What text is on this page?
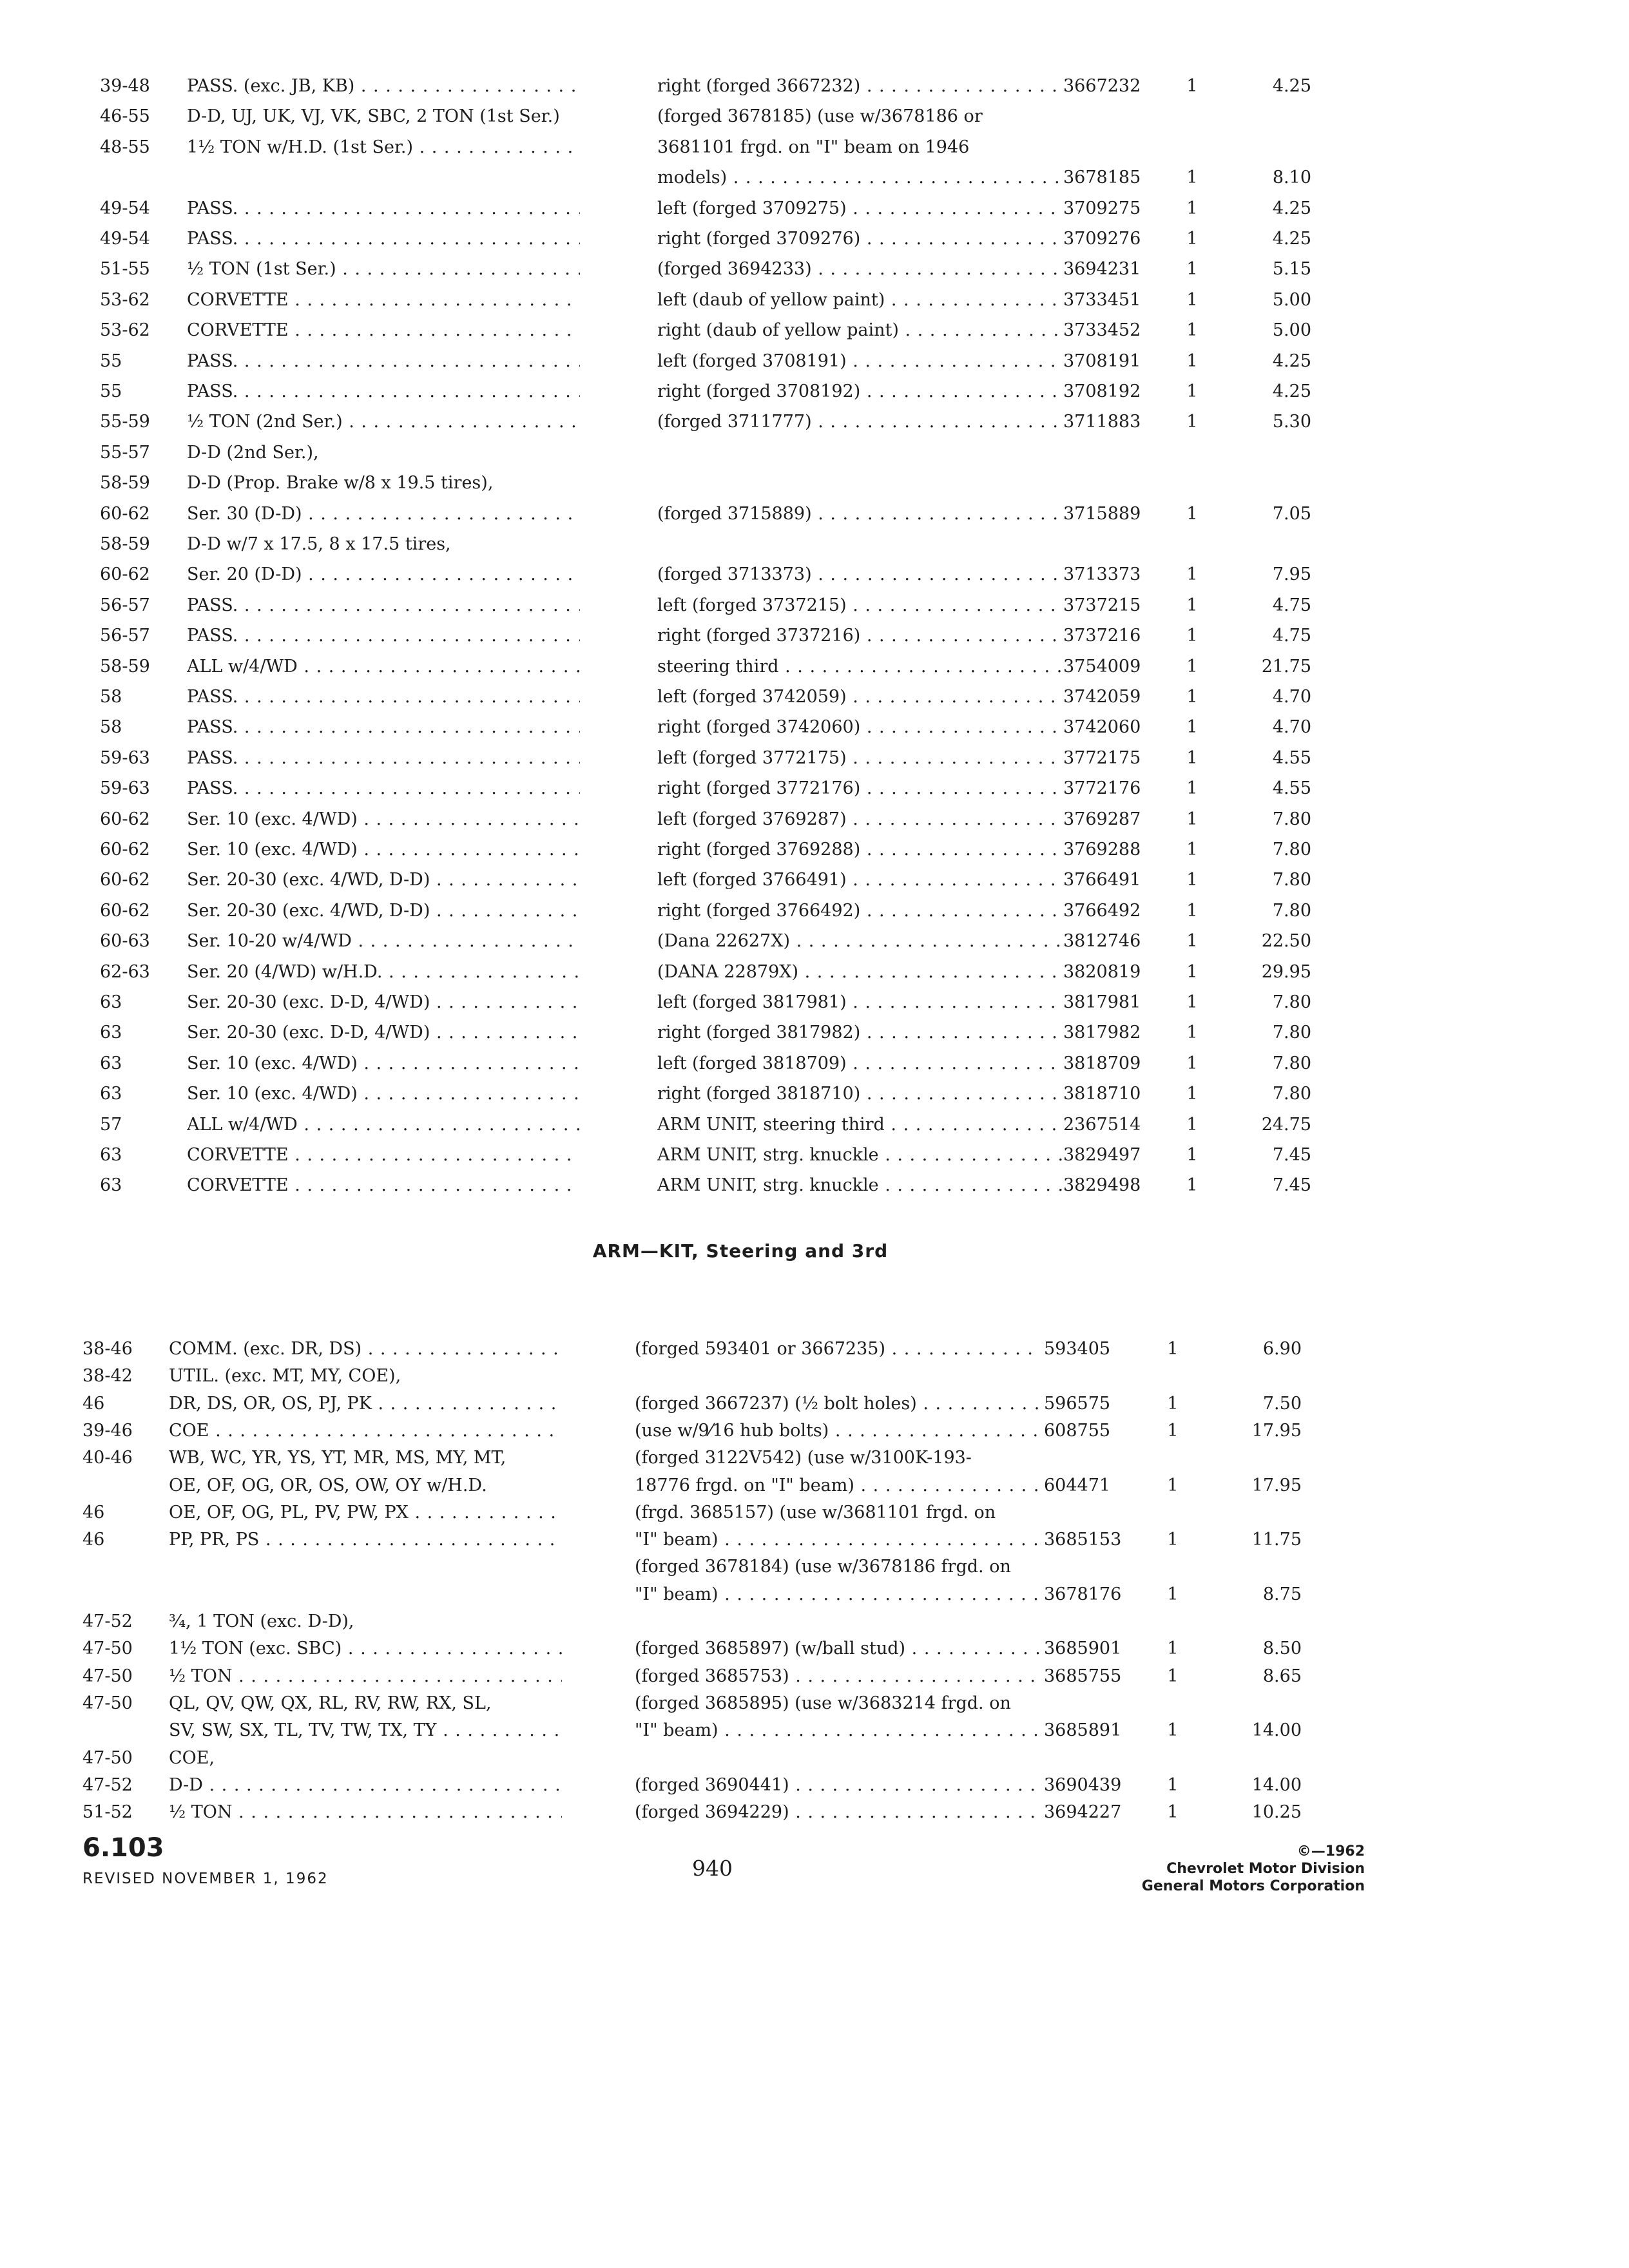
39-48	PASS. (exc. JB, KB) . . .	right (forged 3667232) . . .	3667232	1	4.25
46-55	D-D, UJ, UK, VJ, VK, SBC, 2 TON (1st Ser.)	(forged 3678185) (use w/3678186 or
48-55	1½ TON w/H.D. (1st Ser.) . . .	3681101 frgd. on "I" beam on 1946
models) . . .	3678185	1	8.10
49-54	PASS. . . .	left (forged 3709275) . . .	3709275	1	4.25
49-54	PASS. . . .	right (forged 3709276) . . .	3709276	1	4.25
51-55	½ TON (1st Ser.) . . .	(forged 3694233) . . .	3694231	1	5.15
53-62	CORVETTE . . .	left (daub of yellow paint) . . .	3733451	1	5.00
53-62	CORVETTE . . .	right (daub of yellow paint) . . .	3733452	1	5.00
55	PASS. . . .	left (forged 3708191) . . .	3708191	1	4.25
55	PASS. . . .	right (forged 3708192) . . .	3708192	1	4.25
55-59	½ TON (2nd Ser.) . . .	(forged 3711777) . . .	3711883	1	5.30
55-57	D-D (2nd Ser.),
58-59	D-D (Prop. Brake w/8 x 19.5 tires),
60-62	Ser. 30 (D-D) . . .	(forged 3715889) . . .	3715889	1	7.05
58-59	D-D w/7 x 17.5, 8 x 17.5 tires,
60-62	Ser. 20 (D-D) . . .	(forged 3713373) . . .	3713373	1	7.95
56-57	PASS. . . .	left (forged 3737215) . . .	3737215	1	4.75
56-57	PASS. . . .	right (forged 3737216) . . .	3737216	1	4.75
58-59	ALL w/4/WD . . .	steering third . . .	3754009	1	21.75
58	PASS. . . .	left (forged 3742059) . . .	3742059	1	4.70
58	PASS. . . .	right (forged 3742060) . . .	3742060	1	4.70
59-63	PASS. . . .	left (forged 3772175) . . .	3772175	1	4.55
59-63	PASS. . . .	right (forged 3772176) . . .	3772176	1	4.55
60-62	Ser. 10 (exc. 4/WD) . . .	left (forged 3769287) . . .	3769287	1	7.80
60-62	Ser. 10 (exc. 4/WD) . . .	right (forged 3769288) . . .	3769288	1	7.80
60-62	Ser. 20-30 (exc. 4/WD, D-D) . . .	left (forged 3766491) . . .	3766491	1	7.80
60-62	Ser. 20-30 (exc. 4/WD, D-D) . . .	right (forged 3766492) . . .	3766492	1	7.80
60-63	Ser. 10-20 w/4/WD . . .	(Dana 22627X) . . .	3812746	1	22.50
62-63	Ser. 20 (4/WD) w/H.D. . . .	(DANA 22879X) . . .	3820819	1	29.95
63	Ser. 20-30 (exc. D-D, 4/WD) . . .	left (forged 3817981) . . .	3817981	1	7.80
63	Ser. 20-30 (exc. D-D, 4/WD) . . .	right (forged 3817982) . . .	3817982	1	7.80
63	Ser. 10 (exc. 4/WD) . . .	left (forged 3818709) . . .	3818709	1	7.80
63	Ser. 10 (exc. 4/WD) . . .	right (forged 3818710) . . .	3818710	1	7.80
57	ALL w/4/WD . . .	ARM UNIT, steering third . . .	2367514	1	24.75
63	CORVETTE . . .	ARM UNIT, strg. knuckle . . .	3829497	1	7.45
63	CORVETTE . . .	ARM UNIT, strg. knuckle . . .	3829498	1	7.45
ARM—KIT, Steering and 3rd
38-46	COMM. (exc. DR, DS) . . .	(forged 593401 or 3667235) . . .	593405	1	6.90
38-42	UTIL. (exc. MT, MY, COE),
46	DR, DS, OR, OS, PJ, PK . . .	(forged 3667237) (½ bolt holes) . . .	596575	1	7.50
39-46	COE . . .	(use w/9⁄16 hub bolts) . . .	608755	1	17.95
40-46	WB, WC, YR, YS, YT, MR, MS, MY, MT,	(forged 3122V542) (use w/3100K-193-
OE, OF, OG, OR, OS, OW, OY w/H.D.	18776 frgd. on "I" beam) . . .	604471	1	17.95
46	OE, OF, OG, PL, PV, PW, PX . . .	(frgd. 3685157) (use w/3681101 frgd. on
46	PP, PR, PS . . .	"I" beam) . . .	3685153	1	11.75
(forged 3678184) (use w/3678186 frgd. on
"I" beam) . . .	3678176	1	8.75
47-52	¾, 1 TON (exc. D-D),
47-50	1½ TON (exc. SBC) . . .	(forged 3685897) (w/ball stud) . . .	3685901	1	8.50
47-50	½ TON . . .	(forged 3685753) . . .	3685755	1	8.65
47-50	QL, QV, QW, QX, RL, RV, RW, RX, SL,	(forged 3685895) (use w/3683214 frgd. on
SV, SW, SX, TL, TV, TW, TX, TY . . .	"I" beam) . . .	3685891	1	14.00
47-50	COE,
47-52	D-D . . .	(forged 3690441) . . .	3690439	1	14.00
51-52	½ TON . . .	(forged 3694229) . . .	3694227	1	10.25
6.103
REVISED NOVEMBER 1, 1962	940
©—1962
Chevrolet Motor Division
General Motors Corporation
